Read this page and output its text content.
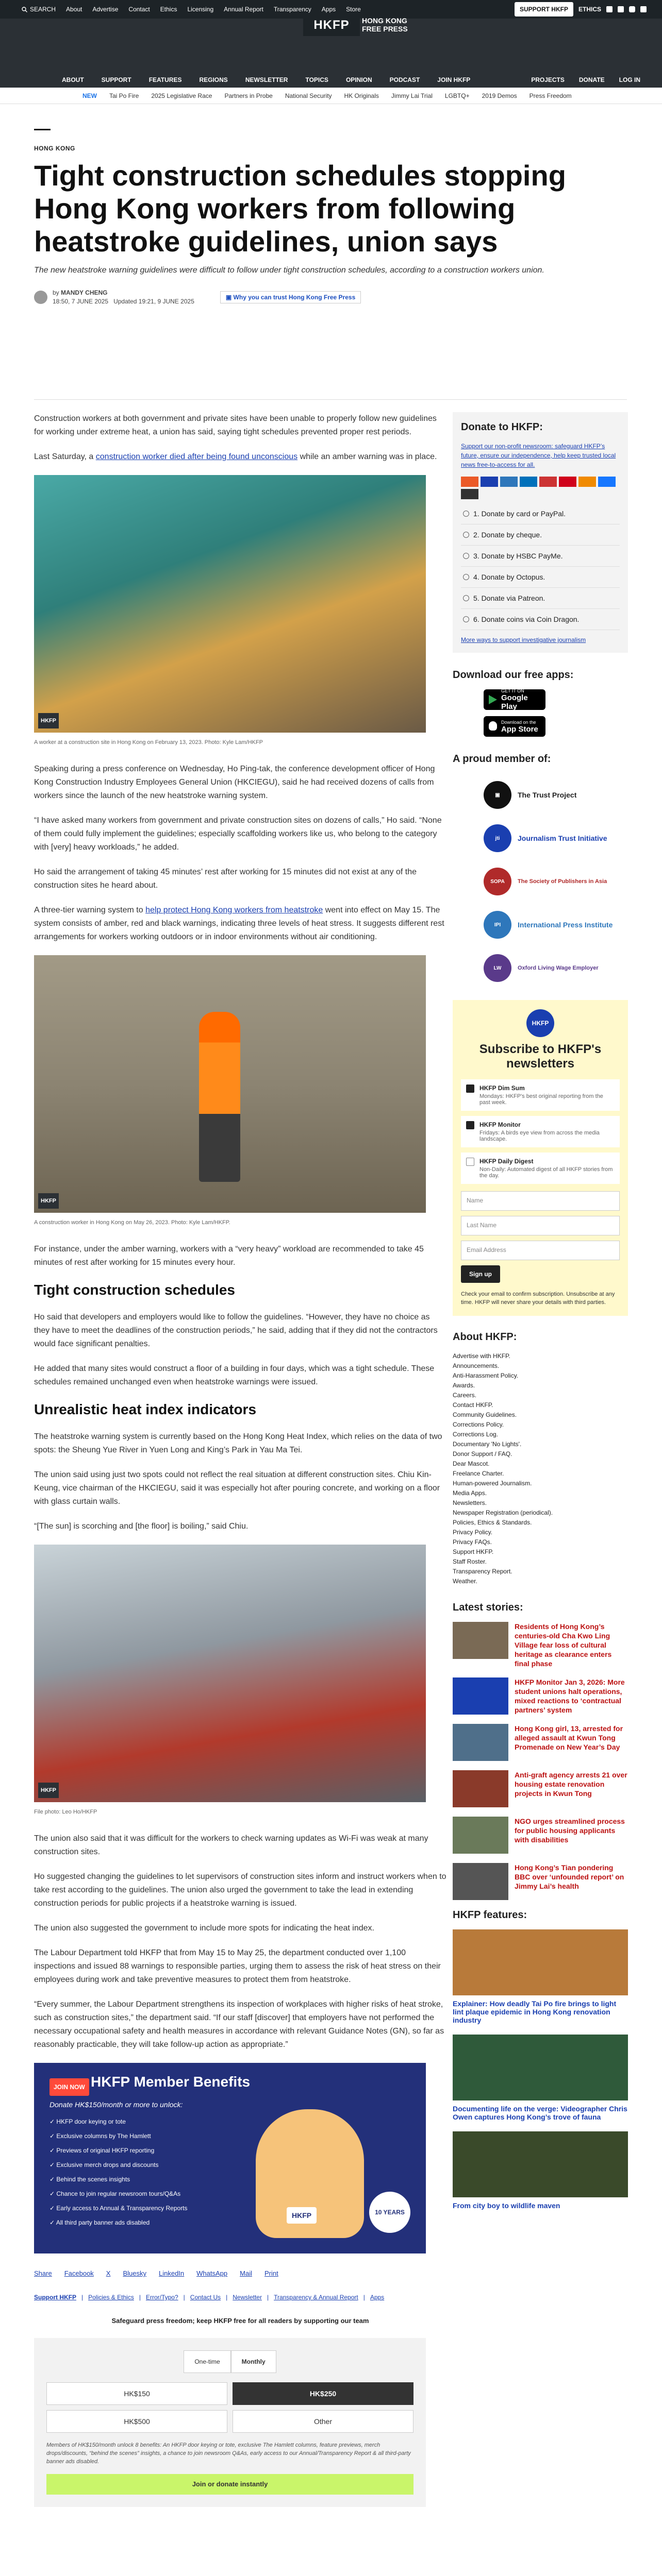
SEARCH About Advertise Contact Ethics Licensing Annual Report Transparency Apps Store	SUPPORT HKFP	ETHICS
ABOUT	SUPPORT	FEATURES	REGIONS	NEWSLETTER	TOPICS	OPINION	PODCAST	JOIN HKFP	PROJECTS DONATE LOG IN
HKFP	HONG KONG
FREE PRESS
NEW Tai Po Fire 2025 Legislative Race Partners in Probe National Security HK Originals Jimmy Lai Trial LGBTQ+ 2019 Demos Press Freedom
HONG KONG
Tight construction schedules stopping Hong Kong workers from following heatstroke guidelines, union says

The new heatstroke warning guidelines were difficult to follow under tight construction schedules, according to a construction workers union.

by MANDY CHENG
18:50, 7 JUNE 2025 Updated 19:21, 9 JUNE 2025
▣ Why you can trust Hong Kong Free Press

Construction workers at both government and private sites have been unable to properly follow new guidelines for working under extreme heat, a union has said, saying tight schedules prevented proper rest periods.

Last Saturday, a construction worker died after being found unconscious while an amber warning was in place.

HKFP
A worker at a construction site in Hong Kong on February 13, 2023. Photo: Kyle Lam/HKFP

Speaking during a press conference on Wednesday, Ho Ping-tak, the conference development officer of Hong Kong Construction Industry Employees General Union (HKCIEGU), said he had received dozens of calls from workers since the launch of the new heatstroke warning system.

“I have asked many workers from government and private construction sites on dozens of calls,” Ho said. “None of them could fully implement the guidelines; especially scaffolding workers like us, who belong to the category with [very] heavy workloads,” he added.

Ho said the arrangement of taking 45 minutes’ rest after working for 15 minutes did not exist at any of the construction sites he heard about.

A three-tier warning system to help protect Hong Kong workers from heatstroke went into effect on May 15. The system consists of amber, red and black warnings, indicating three levels of heat stress. It suggests different rest arrangements for workers working outdoors or in indoor environments without air conditioning.

HKFP
A construction worker in Hong Kong on May 26, 2023. Photo: Kyle Lam/HKFP.

For instance, under the amber warning, workers with a “very heavy” workload are recommended to take 45 minutes of rest after working for 15 minutes every hour.

Tight construction schedules

Ho said that developers and employers would like to follow the guidelines. “However, they have no choice as they have to meet the deadlines of the construction periods,” he said, adding that if they did not the contractors would face significant penalties.

He added that many sites would construct a floor of a building in four days, which was a tight schedule. These schedules remained unchanged even when heatstroke warnings were issued.

Unrealistic heat index indicators

The heatstroke warning system is currently based on the Hong Kong Heat Index, which relies on the data of two spots: the Sheung Yue River in Yuen Long and King’s Park in Yau Ma Tei.

The union said using just two spots could not reflect the real situation at different construction sites. Chiu Kin-Keung, vice chairman of the HKCIEGU, said it was especially hot after pouring concrete, and working on a floor with glass curtain walls.

“[The sun] is scorching and [the floor] is boiling,” said Chiu.

HKFP
File photo: Leo Ho/HKFP

The union also said that it was difficult for the workers to check warning updates as Wi-Fi was weak at many construction sites.

Ho suggested changing the guidelines to let supervisors of construction sites inform and instruct workers when to take rest according to the guidelines. The union also urged the government to take the lead in extending construction periods for public projects if a heatstroke warning is issued.

The union also suggested the government to include more spots for indicating the heat index.

The Labour Department told HKFP that from May 15 to May 25, the department conducted over 1,100 inspections and issued 88 warnings to responsible parties, urging them to assess the risk of heat stress on their employees during work and take preventive measures to protect them from heatstroke.

“Every summer, the Labour Department strengthens its inspection of workplaces with higher risks of heat stroke, such as construction sites,” the department said. “If our staff [discover] that employers have not performed the necessary occupational safety and health measures in accordance with relevant Guidance Notes (GN), so far as reasonably practicable, they will take follow-up action as appropriate.”

JOIN NOW HKFP Member Benefits
Donate HK$150/month or more to unlock:
✓ HKFP door keying or tote
✓ Exclusive columns by The Hamlett
✓ Previews of original HKFP reporting
✓ Exclusive merch drops and discounts
✓ Behind the scenes insights
✓ Chance to join regular newsroom tours/Q&As
✓ Early access to Annual & Transparency Reports
✓ All third party banner ads disabled
HKFP	10 YEARS
Share Facebook X Bluesky LinkedIn WhatsApp Mail Print
Support HKFP | Policies & Ethics | Error/Typo? | Contact Us | Newsletter | Transparency & Annual Report | Apps
Safeguard press freedom; keep HKFP free for all readers by supporting our team
One-time	Monthly
HK$150	HK$250
HK$500	Other

Members of HK$150/month unlock 8 benefits: An HKFP door keying or tote, exclusive The Hamlett columns, feature previews, merch drops/discounts, “behind the scenes” insights, a chance to join newsroom Q&As, early access to our Annual/Transparency Report & all third-party banner ads disabled.

Join or donate instantly
Donate to HKFP:

Support our non-profit newsroom: safeguard HKFP’s future, ensure our independence, help keep trusted local news free-to-access for all.

1. Donate by card or PayPal.
2. Donate by cheque.
3. Donate by HSBC PayMe.
4. Donate by Octopus.
5. Donate via Patreon.
6. Donate coins via Coin Dragon.
More ways to support investigative journalism
Download our free apps:
GET IT ON
Google Play
Download on the
App Store
A proud member of:
▣	The Trust Project
jti	Journalism Trust Initiative
SOPA	The Society of Publishers in Asia
IPI	International Press Institute
LW	Oxford Living Wage Employer
HKFP
Subscribe to HKFP's newsletters
HKFP Dim Sum
Mondays: HKFP's best original reporting from the past week.
HKFP Monitor
Fridays: A birds eye view from across the media landscape.
HKFP Daily Digest
Non-Daily: Automated digest of all HKFP stories from the day.
Name
Last Name
Email Address
Sign up

Check your email to confirm subscription. Unsubscribe at any time. HKFP will never share your details with third parties.

About HKFP:
Advertise with HKFP.
Announcements.
Anti-Harassment Policy.
Awards.
Careers.
Contact HKFP.
Community Guidelines.
Corrections Policy.
Corrections Log.
Documentary 'No Lights'.
Donor Support / FAQ.
Dear Mascot.
Freelance Charter.
Human-powered Journalism.
Media Apps.
Newsletters.
Newspaper Registration (periodical).
Policies, Ethics & Standards.
Privacy Policy.
Privacy FAQs.
Support HKFP.
Staff Roster.
Transparency Report.
Weather.
Latest stories:
Residents of Hong Kong’s centuries-old Cha Kwo Ling Village fear loss of cultural heritage as clearance enters final phase
HKFP Monitor Jan 3, 2026: More student unions halt operations, mixed reactions to ‘contractual partners’ system
Hong Kong girl, 13, arrested for alleged assault at Kwun Tong Promenade on New Year’s Day
Anti-graft agency arrests 21 over housing estate renovation projects in Kwun Tong
NGO urges streamlined process for public housing applicants with disabilities
Hong Kong’s Tian pondering BBC over ‘unfounded report’ on Jimmy Lai’s health
HKFP features:
Explainer: How deadly Tai Po fire brings to light lint plaque epidemic in Hong Kong renovation industry
Documenting life on the verge: Videographer Chris Owen captures Hong Kong’s trove of fauna
From city boy to wildlife maven
